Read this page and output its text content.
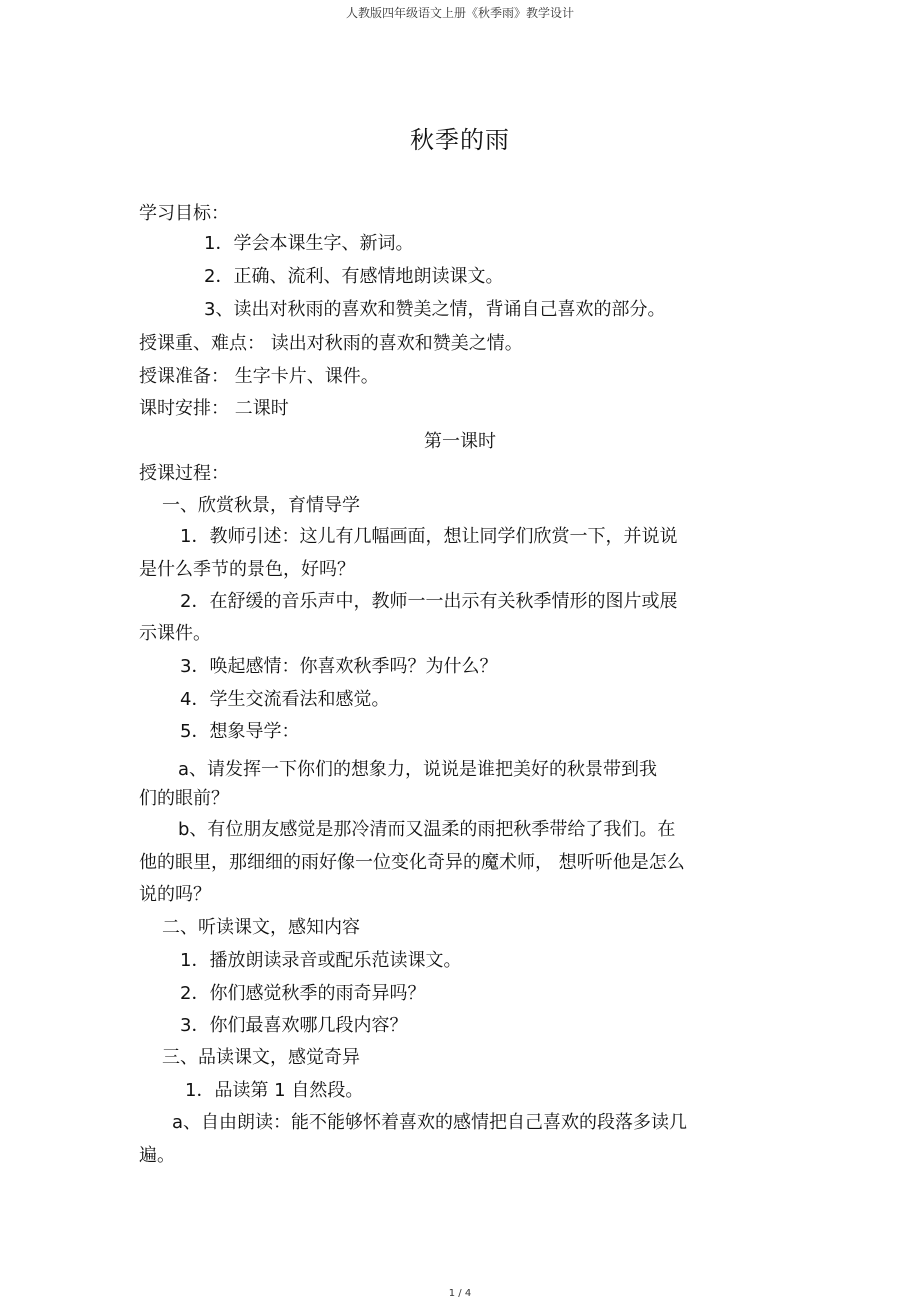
人教版四年级语文上册《秋季雨》教学设计
秋季的雨
学习目标：
1．学会本课生字、新词。
2．正确、流利、有感情地朗读课文。
3、读出对秋雨的喜欢和赞美之情，背诵自己喜欢的部分。
授课重、难点： 读出对秋雨的喜欢和赞美之情。
授课准备： 生字卡片、课件。
课时安排： 二课时
第一课时
授课过程：
一、欣赏秋景，育情导学
1．教师引述：这儿有几幅画面，想让同学们欣赏一下，并说说
是什么季节的景色，好吗？
2．在舒缓的音乐声中，教师一一出示有关秋季情形的图片或展
示课件。
3．唤起感情：你喜欢秋季吗？为什么？
4．学生交流看法和感觉。
5．想象导学：
a、请发挥一下你们的想象力，说说是谁把美好的秋景带到我
们的眼前？
b、有位朋友感觉是那冷清而又温柔的雨把秋季带给了我们。在
他的眼里，那细细的雨好像一位变化奇异的魔术师， 想听听他是怎么
说的吗？
二、听读课文，感知内容
1．播放朗读录音或配乐范读课文。
2．你们感觉秋季的雨奇异吗？
3．你们最喜欢哪几段内容？
三、品读课文，感觉奇异
1．品读第 1 自然段。
a、自由朗读：能不能够怀着喜欢的感情把自己喜欢的段落多读几
遍。
1 / 4
